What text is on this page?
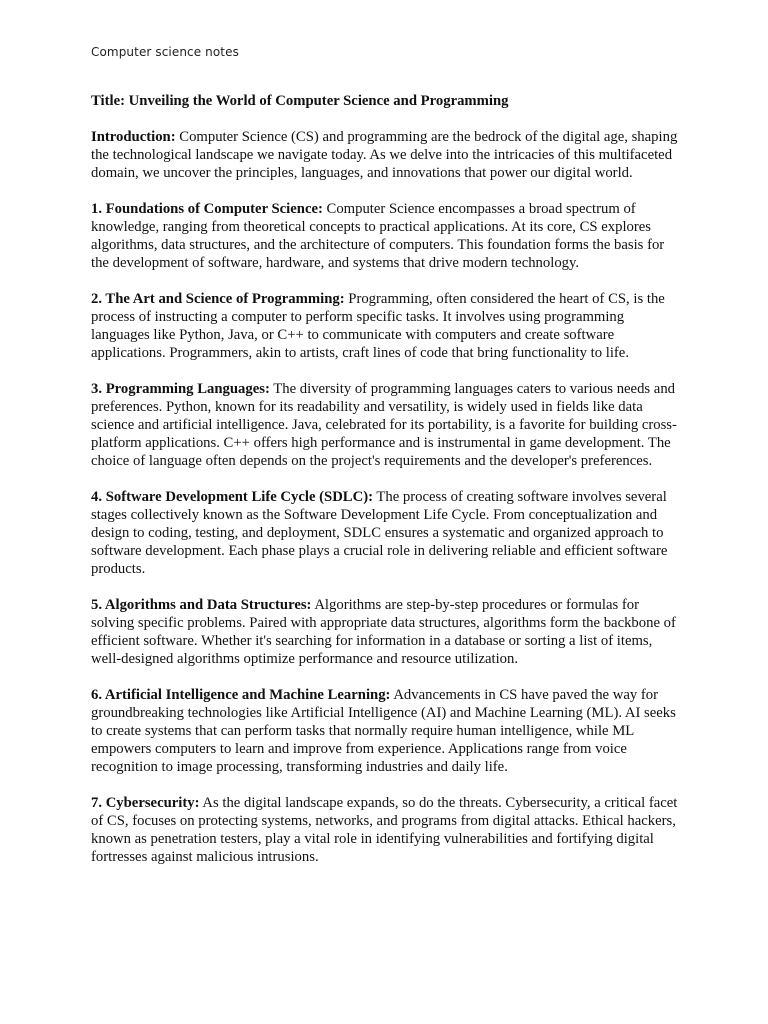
Computer science notes

Title: Unveiling the World of Computer Science and Programming

Introduction: Computer Science (CS) and programming are the bedrock of the digital age, shaping the technological landscape we navigate today. As we delve into the intricacies of this multifaceted domain, we uncover the principles, languages, and innovations that power our digital world.

1. Foundations of Computer Science: Computer Science encompasses a broad spectrum of knowledge, ranging from theoretical concepts to practical applications. At its core, CS explores algorithms, data structures, and the architecture of computers. This foundation forms the basis for the development of software, hardware, and systems that drive modern technology.

2. The Art and Science of Programming: Programming, often considered the heart of CS, is the process of instructing a computer to perform specific tasks. It involves using programming languages like Python, Java, or C++ to communicate with computers and create software applications. Programmers, akin to artists, craft lines of code that bring functionality to life.

3. Programming Languages: The diversity of programming languages caters to various needs and preferences. Python, known for its readability and versatility, is widely used in fields like data science and artificial intelligence. Java, celebrated for its portability, is a favorite for building cross-platform applications. C++ offers high performance and is instrumental in game development. The choice of language often depends on the project's requirements and the developer's preferences.

4. Software Development Life Cycle (SDLC): The process of creating software involves several stages collectively known as the Software Development Life Cycle. From conceptualization and design to coding, testing, and deployment, SDLC ensures a systematic and organized approach to software development. Each phase plays a crucial role in delivering reliable and efficient software products.

5. Algorithms and Data Structures: Algorithms are step-by-step procedures or formulas for solving specific problems. Paired with appropriate data structures, algorithms form the backbone of efficient software. Whether it's searching for information in a database or sorting a list of items, well-designed algorithms optimize performance and resource utilization.

6. Artificial Intelligence and Machine Learning: Advancements in CS have paved the way for groundbreaking technologies like Artificial Intelligence (AI) and Machine Learning (ML). AI seeks to create systems that can perform tasks that normally require human intelligence, while ML empowers computers to learn and improve from experience. Applications range from voice recognition to image processing, transforming industries and daily life.

7. Cybersecurity: As the digital landscape expands, so do the threats. Cybersecurity, a critical facet of CS, focuses on protecting systems, networks, and programs from digital attacks. Ethical hackers, known as penetration testers, play a vital role in identifying vulnerabilities and fortifying digital fortresses against malicious intrusions.
